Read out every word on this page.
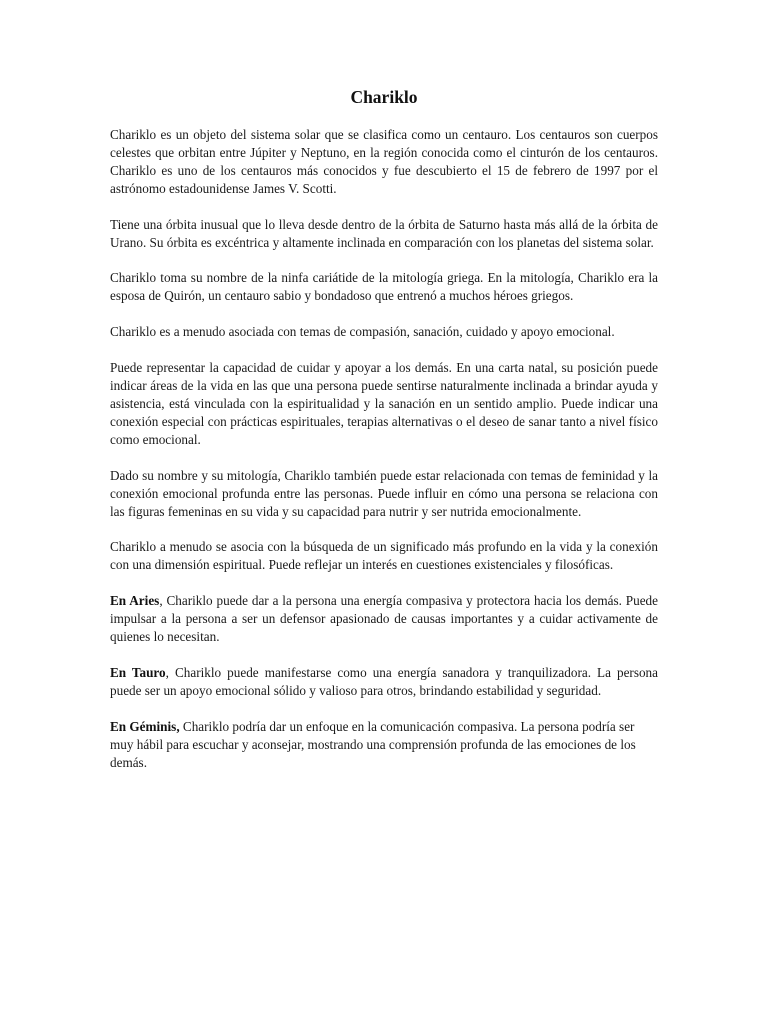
Chariklo

Chariklo es un objeto del sistema solar que se clasifica como un centauro. Los centauros son cuerpos celestes que orbitan entre Júpiter y Neptuno, en la región conocida como el cinturón de los centauros. Chariklo es uno de los centauros más conocidos y fue descubierto el 15 de febrero de 1997 por el astrónomo estadounidense James V. Scotti.

Tiene una órbita inusual que lo lleva desde dentro de la órbita de Saturno hasta más allá de la órbita de Urano. Su órbita es excéntrica y altamente inclinada en comparación con los planetas del sistema solar.

Chariklo toma su nombre de la ninfa cariátide de la mitología griega. En la mitología, Chariklo era la esposa de Quirón, un centauro sabio y bondadoso que entrenó a muchos héroes griegos.

Chariklo es a menudo asociada con temas de compasión, sanación, cuidado y apoyo emocional.

Puede representar la capacidad de cuidar y apoyar a los demás. En una carta natal, su posición puede indicar áreas de la vida en las que una persona puede sentirse naturalmente inclinada a brindar ayuda y asistencia, está vinculada con la espiritualidad y la sanación en un sentido amplio. Puede indicar una conexión especial con prácticas espirituales, terapias alternativas o el deseo de sanar tanto a nivel físico como emocional.

Dado su nombre y su mitología, Chariklo también puede estar relacionada con temas de feminidad y la conexión emocional profunda entre las personas. Puede influir en cómo una persona se relaciona con las figuras femeninas en su vida y su capacidad para nutrir y ser nutrida emocionalmente.

Chariklo a menudo se asocia con la búsqueda de un significado más profundo en la vida y la conexión con una dimensión espiritual. Puede reflejar un interés en cuestiones existenciales y filosóficas.

En Aries, Chariklo puede dar a la persona una energía compasiva y protectora hacia los demás. Puede impulsar a la persona a ser un defensor apasionado de causas importantes y a cuidar activamente de quienes lo necesitan.

En Tauro, Chariklo puede manifestarse como una energía sanadora y tranquilizadora. La persona puede ser un apoyo emocional sólido y valioso para otros, brindando estabilidad y seguridad.

En Géminis, Chariklo podría dar un enfoque en la comunicación compasiva. La persona podría ser muy hábil para escuchar y aconsejar, mostrando una comprensión profunda de las emociones de los demás.
